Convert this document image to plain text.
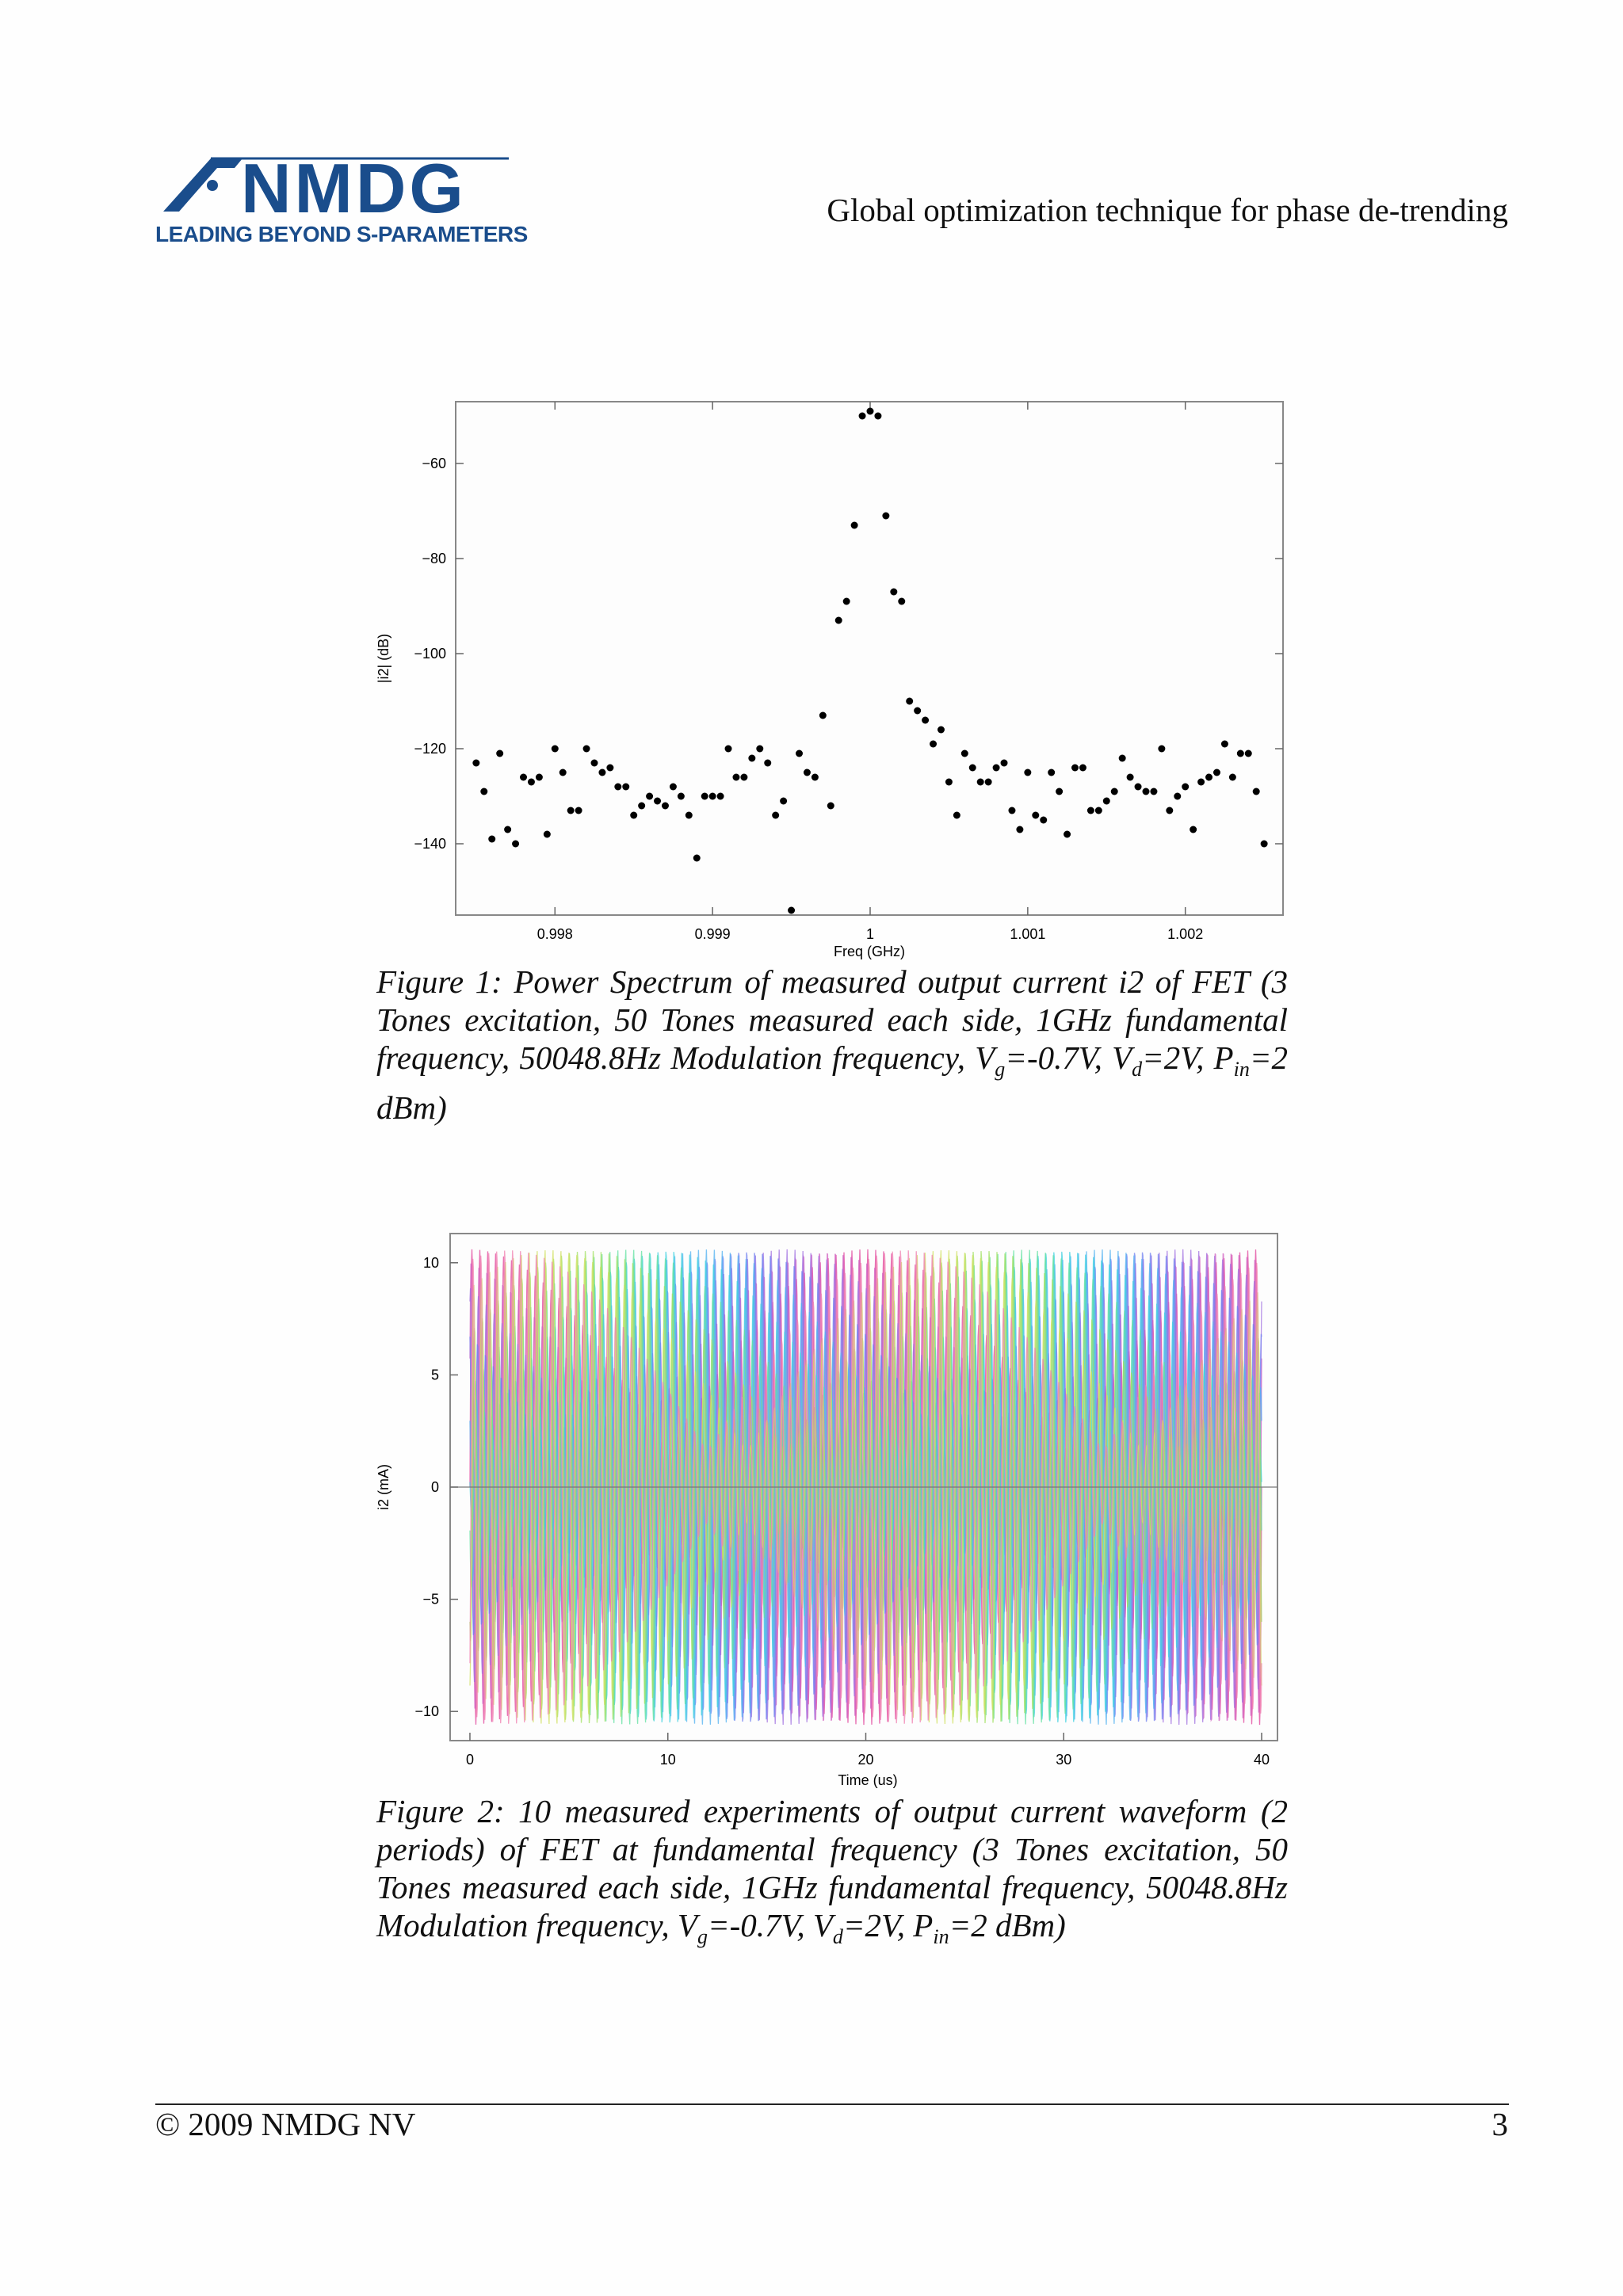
NMDG
LEADING BEYOND S-PARAMETERS
Global optimization technique for phase de-trending
|i2| (dB)
Freq (GHz)
−60
−80
−100
−120
−140
0.998	0.999	1	1.001	1.002
Figure 1: Power Spectrum of measured output current i2 of FET (3 Tones excitation, 50 Tones measured each side, 1GHz fundamental frequency, 50048.8Hz Modulation frequency, $V_g=-0.7V$, $V_d=2V$, $P_{in}=2$ dBm)
i2 (mA)
Time (us)
10
5
0
−5
−10
0	10	20	30	40
Figure 2: 10 measured experiments of output current waveform (2 periods) of FET at fundamental frequency (3 Tones excitation, 50 Tones measured each side, 1GHz fundamental frequency, 50048.8Hz Modulation frequency, $V_g=-0.7V$, $V_d=2V$, $P_{in}=2$ dBm)
© 2009 NMDG NV	3
